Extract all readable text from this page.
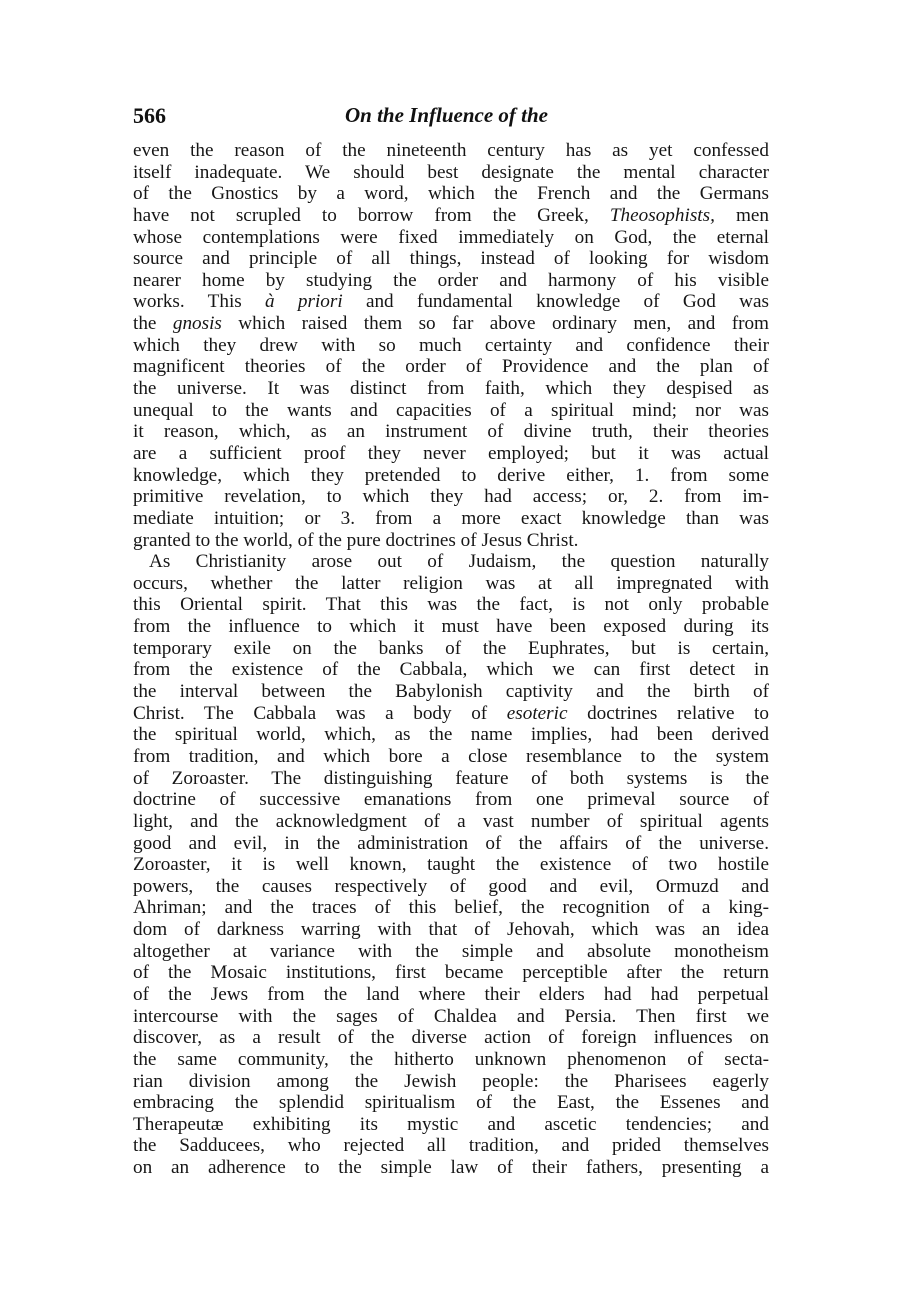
566	On the Influence of the
even the reason of the nineteenth century has as yet confessed
itself inadequate. We should best designate the mental character
of the Gnostics by a word, which the French and the Germans
have not scrupled to borrow from the Greek, Theosophists, men
whose contemplations were fixed immediately on God, the eternal
source and principle of all things, instead of looking for wisdom
nearer home by studying the order and harmony of his visible
works. This à priori and fundamental knowledge of God was
the gnosis which raised them so far above ordinary men, and from
which they drew with so much certainty and confidence their
magnificent theories of the order of Providence and the plan of
the universe. It was distinct from faith, which they despised as
unequal to the wants and capacities of a spiritual mind; nor was
it reason, which, as an instrument of divine truth, their theories
are a sufficient proof they never employed; but it was actual
knowledge, which they pretended to derive either, 1. from some
primitive revelation, to which they had access; or, 2. from im-
mediate intuition; or 3. from a more exact knowledge than was
granted to the world, of the pure doctrines of Jesus Christ.
As Christianity arose out of Judaism, the question naturally
occurs, whether the latter religion was at all impregnated with
this Oriental spirit. That this was the fact, is not only probable
from the influence to which it must have been exposed during its
temporary exile on the banks of the Euphrates, but is certain,
from the existence of the Cabbala, which we can first detect in
the interval between the Babylonish captivity and the birth of
Christ. The Cabbala was a body of esoteric doctrines relative to
the spiritual world, which, as the name implies, had been derived
from tradition, and which bore a close resemblance to the system
of Zoroaster. The distinguishing feature of both systems is the
doctrine of successive emanations from one primeval source of
light, and the acknowledgment of a vast number of spiritual agents
good and evil, in the administration of the affairs of the universe.
Zoroaster, it is well known, taught the existence of two hostile
powers, the causes respectively of good and evil, Ormuzd and
Ahriman; and the traces of this belief, the recognition of a king-
dom of darkness warring with that of Jehovah, which was an idea
altogether at variance with the simple and absolute monotheism
of the Mosaic institutions, first became perceptible after the return
of the Jews from the land where their elders had had perpetual
intercourse with the sages of Chaldea and Persia. Then first we
discover, as a result of the diverse action of foreign influences on
the same community, the hitherto unknown phenomenon of secta-
rian division among the Jewish people: the Pharisees eagerly
embracing the splendid spiritualism of the East, the Essenes and
Therapeutæ exhibiting its mystic and ascetic tendencies; and
the Sadducees, who rejected all tradition, and prided themselves
on an adherence to the simple law of their fathers, presenting a
